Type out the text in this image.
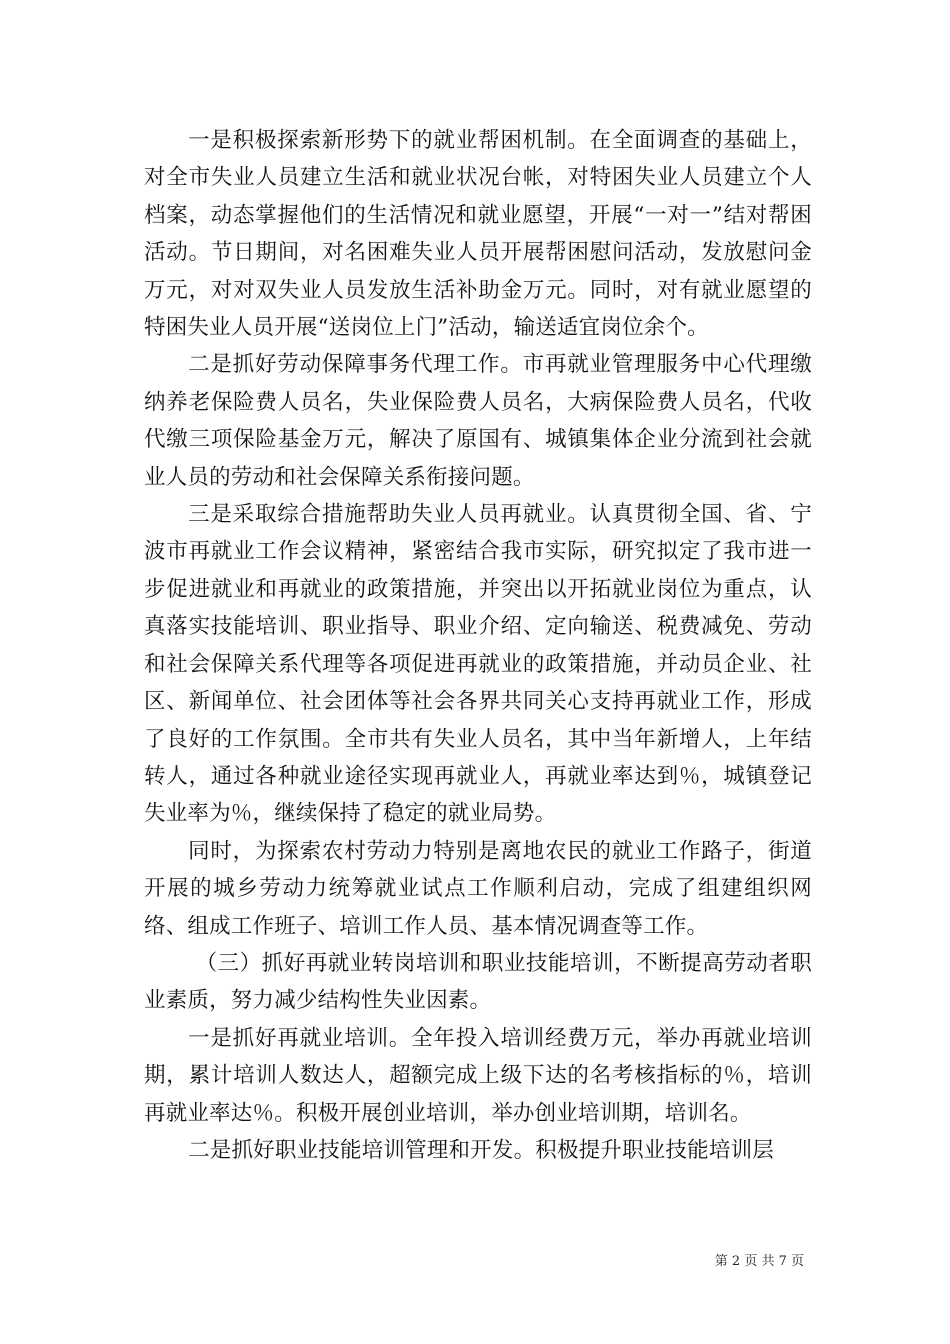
一是积极探索新形势下的就业帮困机制。在全面调查的基础上，对全市失业人员建立生活和就业状况台帐，对特困失业人员建立个人档案，动态掌握他们的生活情况和就业愿望，开展“一对一”结对帮困活动。节日期间，对名困难失业人员开展帮困慰问活动，发放慰问金万元，对对双失业人员发放生活补助金万元。同时，对有就业愿望的特困失业人员开展“送岗位上门”活动，输送适宜岗位余个。

二是抓好劳动保障事务代理工作。市再就业管理服务中心代理缴纳养老保险费人员名，失业保险费人员名，大病保险费人员名，代收代缴三项保险基金万元，解决了原国有、城镇集体企业分流到社会就业人员的劳动和社会保障关系衔接问题。

三是采取综合措施帮助失业人员再就业。认真贯彻全国、省、宁波市再就业工作会议精神，紧密结合我市实际，研究拟定了我市进一步促进就业和再就业的政策措施，并突出以开拓就业岗位为重点，认真落实技能培训、职业指导、职业介绍、定向输送、税费减免、劳动和社会保障关系代理等各项促进再就业的政策措施，并动员企业、社区、新闻单位、社会团体等社会各界共同关心支持再就业工作，形成了良好的工作氛围。全市共有失业人员名，其中当年新增人，上年结转人，通过各种就业途径实现再就业人，再就业率达到％，城镇登记失业率为％，继续保持了稳定的就业局势。

同时，为探索农村劳动力特别是离地农民的就业工作路子，街道开展的城乡劳动力统筹就业试点工作顺利启动，完成了组建组织网络、组成工作班子、培训工作人员、基本情况调查等工作。

（三）抓好再就业转岗培训和职业技能培训，不断提高劳动者职业素质，努力减少结构性失业因素。

一是抓好再就业培训。全年投入培训经费万元，举办再就业培训期，累计培训人数达人，超额完成上级下达的名考核指标的％，培训再就业率达％。积极开展创业培训，举办创业培训期，培训名。

二是抓好职业技能培训管理和开发。积极提升职业技能培训层

第 2 页 共 7 页
